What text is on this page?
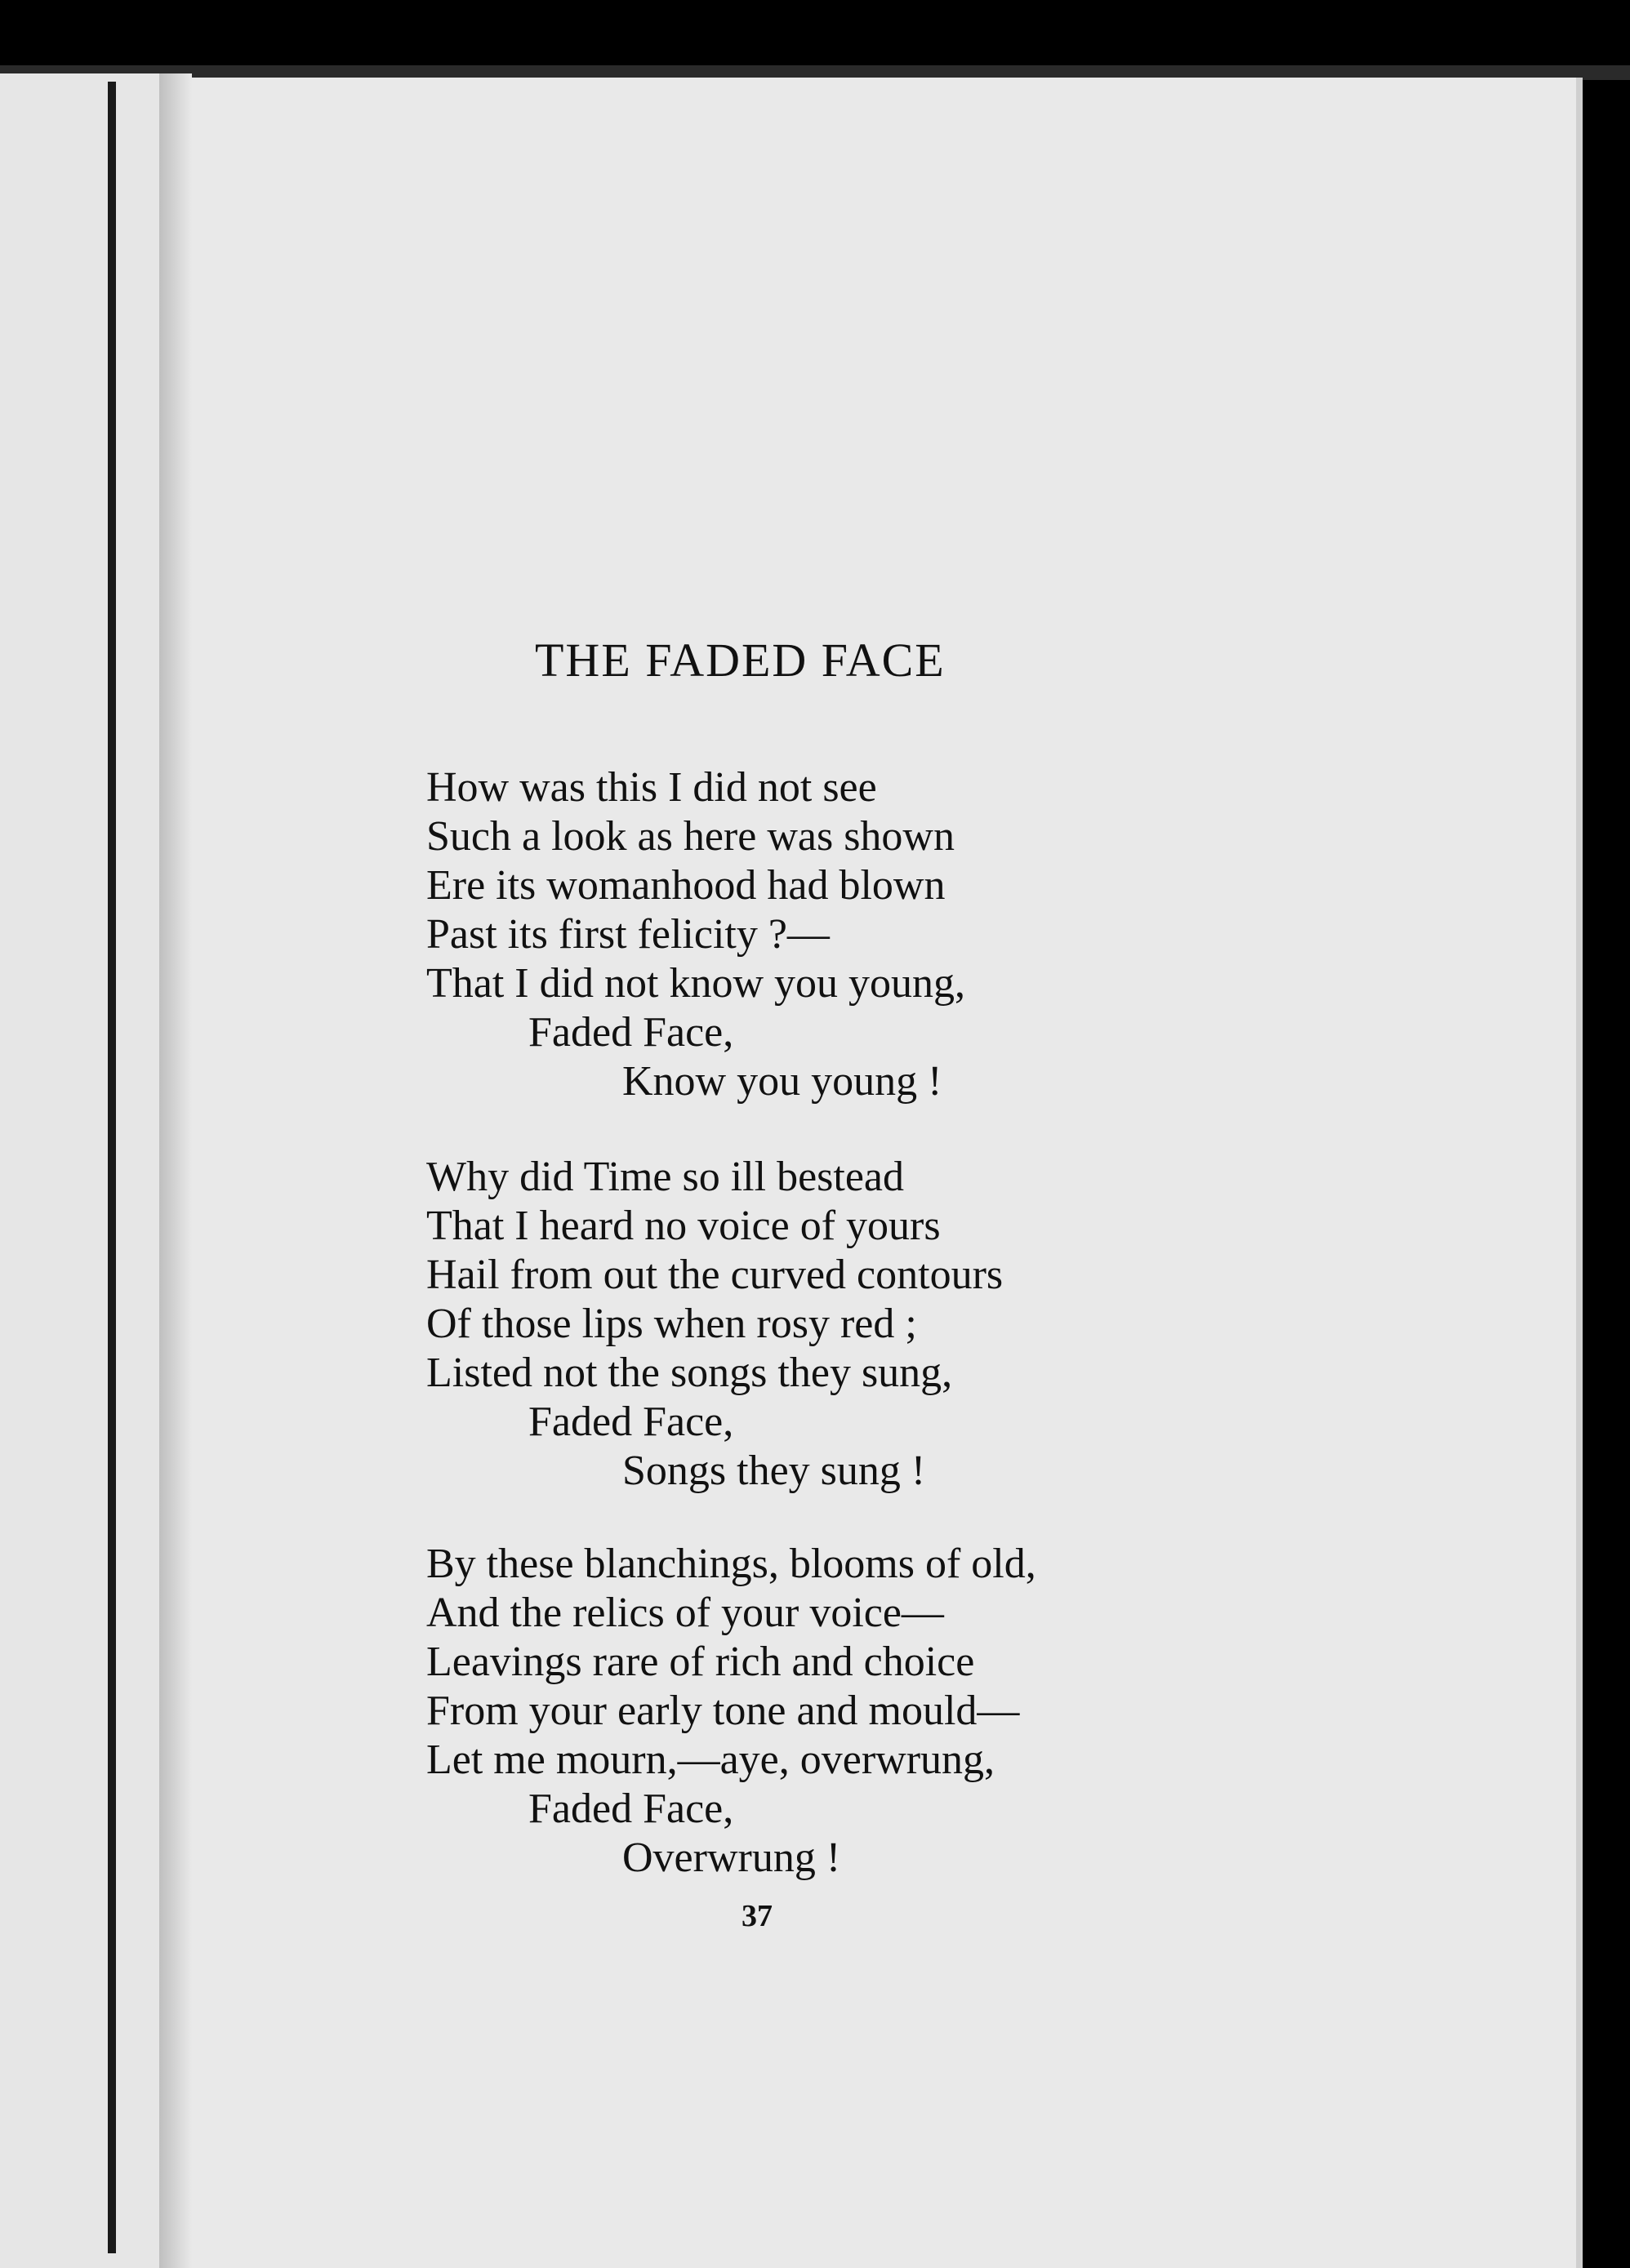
THE FADED FACE
How was this I did not see
Such a look as here was shown
Ere its womanhood had blown
Past its first felicity ?—
That I did not know you young,
Faded Face,
Know you young !
Why did Time so ill bestead
That I heard no voice of yours
Hail from out the curved contours
Of those lips when rosy red ;
Listed not the songs they sung,
Faded Face,
Songs they sung !
By these blanchings, blooms of old,
And the relics of your voice—
Leavings rare of rich and choice
From your early tone and mould—
Let me mourn,—aye, overwrung,
Faded Face,
Overwrung !
37
